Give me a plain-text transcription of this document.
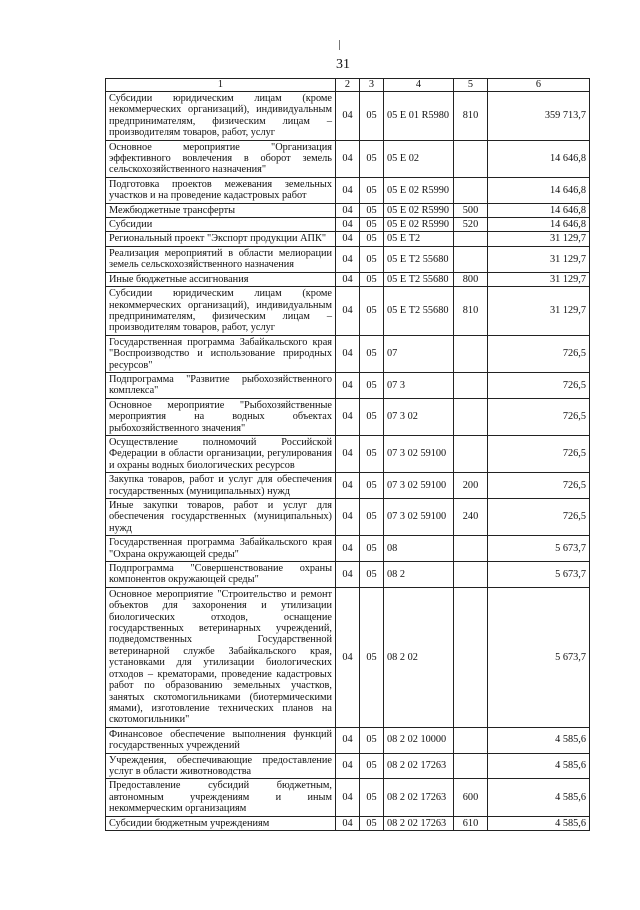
31
1	2	3	4	5	6
Субсидии юридическим лицам (кроме некоммерческих организаций), индивидуальным предпринимателям, физическим лицам – производителям товаров, работ, услуг	04	05	05 Е 01 R5980	810	359 713,7
Основное мероприятие "Организация эффективного вовлечения в оборот земель сельскохозяйственного назначения"	04	05	05 Е 02		14 646,8
Подготовка проектов межевания земельных участков и на проведение кадастровых работ	04	05	05 Е 02 R5990		14 646,8
Межбюджетные трансферты	04	05	05 Е 02 R5990	500	14 646,8
Субсидии	04	05	05 Е 02 R5990	520	14 646,8
Региональный проект "Экспорт продукции АПК"	04	05	05 Е Т2		31 129,7
Реализация мероприятий в области мелиорации земель сельскохозяйственного назначения	04	05	05 Е Т2 55680		31 129,7
Иные бюджетные ассигнования	04	05	05 Е Т2 55680	800	31 129,7
Субсидии юридическим лицам (кроме некоммерческих организаций), индивидуальным предпринимателям, физическим лицам – производителям товаров, работ, услуг	04	05	05 Е Т2 55680	810	31 129,7
Государственная программа Забайкальского края "Воспроизводство и использование природных ресурсов"	04	05	07		726,5
Подпрограмма "Развитие рыбохозяйственного комплекса"	04	05	07 3		726,5
Основное мероприятие "Рыбохозяйственные мероприятия на водных объектах рыбохозяйственного значения"	04	05	07 3 02		726,5
Осуществление полномочий Российской Федерации в области организации, регулирования и охраны водных биологических ресурсов	04	05	07 3 02 59100		726,5
Закупка товаров, работ и услуг для обеспечения государственных (муниципальных) нужд	04	05	07 3 02 59100	200	726,5
Иные закупки товаров, работ и услуг для обеспечения государственных (муниципальных) нужд	04	05	07 3 02 59100	240	726,5
Государственная программа Забайкальского края "Охрана окружающей среды"	04	05	08		5 673,7
Подпрограмма "Совершенствование охраны компонентов окружающей среды"	04	05	08 2		5 673,7
Основное мероприятие "Строительство и ремонт объектов для захоронения и утилизации биологических отходов, оснащение государственных ветеринарных учреждений, подведомственных Государственной ветеринарной службе Забайкальского края, установками для утилизации биологических отходов – крематорами, проведение кадастровых работ по образованию земельных участков, занятых скотомогильниками (биотермическими ямами), изготовление технических планов на скотомогильники"	04	05	08 2 02		5 673,7
Финансовое обеспечение выполнения функций государственных учреждений	04	05	08 2 02 10000		4 585,6
Учреждения, обеспечивающие предоставление услуг в области животноводства	04	05	08 2 02 17263		4 585,6
Предоставление субсидий бюджетным, автономным учреждениям и иным некоммерческим организациям	04	05	08 2 02 17263	600	4 585,6
Субсидии бюджетным учреждениям	04	05	08 2 02 17263	610	4 585,6
